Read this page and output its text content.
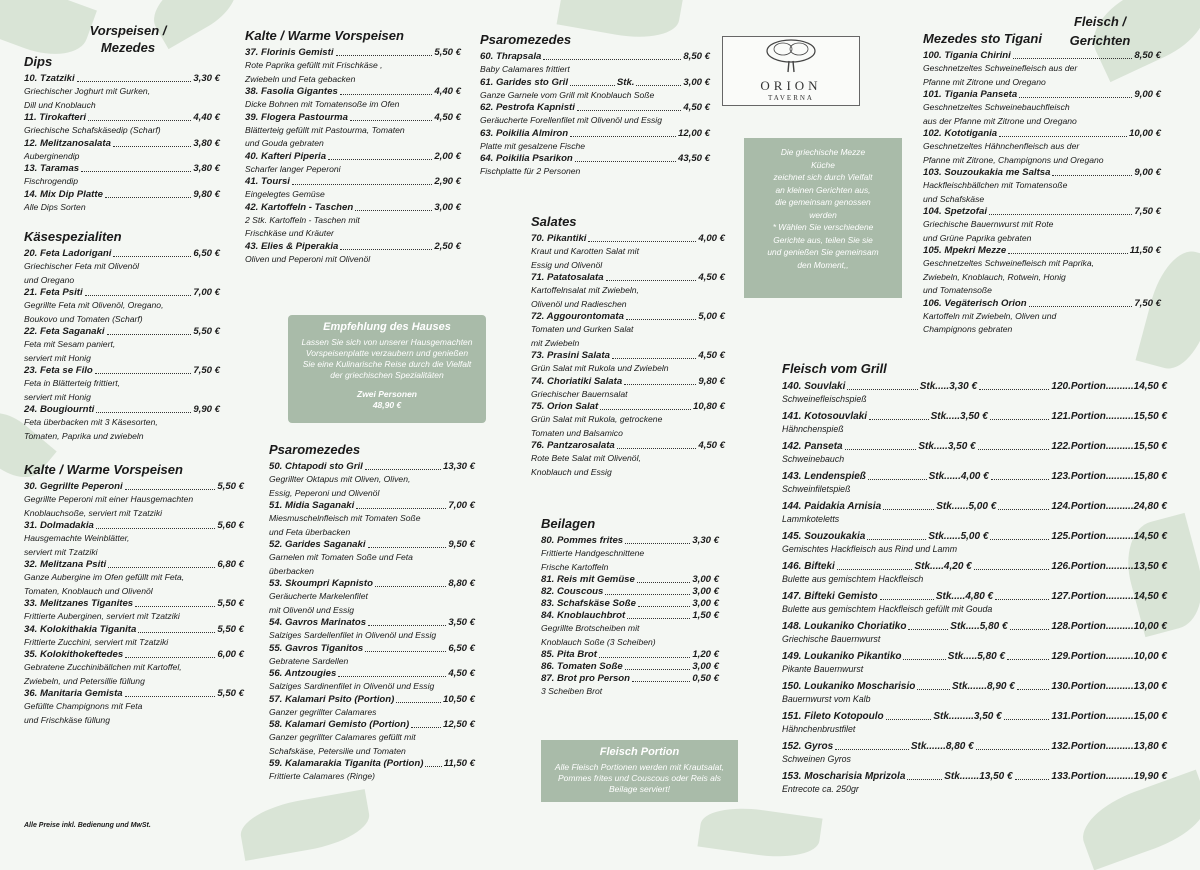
Vorspeisen /
Mezedes
Dips
10. Tzatziki	3,30 €
Griechischer Joghurt mit Gurken,
Dill und Knoblauch
11. Tirokafteri	4,40 €
Griechische Schafskäsedip (Scharf)
12. Melitzanosalata	3,80 €
Auberginendip
13. Taramas	3,80 €
Fischrogendip
14. Mix Dip Platte	9,80 €
Alle Dips Sorten
Käsespezialiten
20. Feta Ladorigani	6,50 €
Griechischer Feta mit Olivenöl
und Oregano
21. Feta Psiti	7,00 €
Gegrillte Feta mit Olivenöl, Oregano,
Boukovo und Tomaten (Scharf)
22. Feta Saganaki	5,50 €
Feta mit Sesam paniert,
serviert mit Honig
23. Feta se Filo	7,50 €
Feta in Blätterteig frittiert,
serviert mit Honig
24. Bougiournti	9,90 €
Feta überbacken mit 3 Käsesorten,
Tomaten, Paprika und zwiebeln
Kalte / Warme Vorspeisen
30. Gegrillte Peperoni	5,50 €
Gegrillte Peperoni mit einer Hausgemachten
Knoblauchsoße, serviert mit Tzatziki
31. Dolmadakia	5,60 €
Hausgemachte Weinblätter,
serviert mit Tzatziki
32. Melitzana Psiti	6,80 €
Ganze Aubergine im Ofen gefüllt mit Feta,
Tomaten, Knoblauch und Olivenöl
33. Melitzanes Tiganites	5,50 €
Frittierte Auberginen, serviert mit Tzatziki
34. Kolokithakia Tiganita	5,50 €
Frittierte Zucchini, serviert mit Tzatziki
35. Kolokithokeftedes	6,00 €
Gebratene Zucchinibällchen mit Kartoffel,
Zwiebeln, und Petersillie füllung
36. Manitaria Gemista	5,50 €
Gefüllte Champignons mit Feta
und Frischkäse füllung
Alle Preise inkl. Bedienung und MwSt.
Kalte / Warme Vorspeisen
37. Florinis Gemisti	5,50 €
Rote Paprika gefüllt mit Frischkäse ,
Zwiebeln und Feta gebacken
38. Fasolia Gigantes	4,40 €
Dicke Bohnen mit Tomatensoße im Ofen
39. Flogera Pastourma	4,50 €
Blätterteig gefüllt mit Pastourma, Tomaten
und Gouda gebraten
40. Kafteri Piperia	2,00 €
Scharfer langer Peperoni
41. Toursi	2,90 €
Eingelegtes Gemüse
42. Kartoffeln - Taschen	3,00 €
2 Stk. Kartoffeln - Taschen mit
Frischkäse und Kräuter
43. Elies & Piperakia	2,50 €
Oliven und Peperoni mit Olivenöl
Empfehlung des Hauses
Lassen Sie sich von unserer Hausgemachten
Vorspeisenplatte verzaubern und genießen
Sie eine Kulinarische Reise durch die Vielfalt
der griechischen Spezialitäten
Zwei Personen
48,90 €
Psaromezedes
50. Chtapodi sto Gril	13,30 €
Gegrillter Oktapus mit Oliven, Oliven,
Essig, Peperoni und Olivenöl
51. Midia Saganaki	7,00 €
Miesmuschelnfleisch mit Tomaten Soße
und Feta überbacken
52. Garides Saganaki	9,50 €
Garnelen mit Tomaten Soße und Feta
überbacken
53. Skoumpri Kapnisto	8,80 €
Geräucherte Markelenfilet
mit Olivenöl und Essig
54. Gavros Marinatos	3,50 €
Salziges Sardellenfilet in Olivenöl und Essig
55. Gavros Tiganitos	6,50 €
Gebratene Sardellen
56. Antzougies	4,50 €
Salziges Sardinenfilet in Olivenöl und Essig
57. Kalamari Psito (Portion)	10,50 €
Ganzer gegrillter Calamares
58. Kalamari Gemisto (Portion)	12,50 €
Ganzer gegrillter Calamares gefüllt mit
Schafskäse, Petersilie und Tomaten
59. Kalamarakia Tiganita (Portion) 11,50 €
Frittierte Calamares (Ringe)
Psaromezedes
60. Thrapsala	8,50 €
Baby Calamares frittiert
61. Garides sto Gril	Stk.	3,00 €
Ganze Garnele vom Grill mit Knoblauch Soße
62. Pestrofa Kapnisti	4,50 €
Geräucherte Forellenfilet mit Olivenöl und Essig
63. Poikilia Almiron	12,00 €
Platte mit gesalzene Fische
64. Poikilia Psarikon	43,50 €
Fischplatte für 2 Personen
Salates
70. Pikantiki	4,00 €
Kraut und Karotten Salat mit
Essig und Olivenöl
71. Patatosalata	4,50 €
Kartoffelnsalat mit Zwiebeln,
Olivenöl und Radieschen
72. Aggourontomata	5,00 €
Tomaten und Gurken Salat
mit Zwiebeln
73. Prasini Salata	4,50 €
Grün Salat mit Rukola und Zwiebeln
74. Choriatiki Salata	9,80 €
Griechischer Bauernsalat
75. Orion Salat	10,80 €
Grün Salat mit Rukola, getrockene
Tomaten und Balsamico
76. Pantzarosalata	4,50 €
Rote Bete Salat mit Olivenöl,
Knoblauch und Essig
Beilagen
80. Pommes frites	3,30 €
Frittierte Handgeschnittene
Frische Kartoffeln
81. Reis mit Gemüse	3,00 €
82. Couscous	3,00 €
83. Schafskäse Soße	3,00 €
84. Knoblauchbrot	1,50 €
Gegrillte Brotscheiben mit
Knoblauch Soße (3 Scheiben)
85. Pita Brot	1,20 €
86. Tomaten Soße	3,00 €
87. Brot pro Person	0,50 €
3 Scheiben Brot
Fleisch Portion
Alle Fleisch Portionen werden mit Krautsalat,
Pommes frites und Couscous oder Reis als
Beilage serviert!
ORION
TAVERNA
Die griechische Mezze
Küche
zeichnet sich durch Vielfalt
an kleinen Gerichten aus,
die gemeinsam genossen
werden
* Wählen Sie verschiedene
Gerichte aus, teilen Sie sie
und genießen Sie gemeinsam
den Moment,,
Fleisch /
Gerichten
Mezedes sto Tigani
100. Tigania Chirini	8,50 €
Geschnetzeltes Schweinefleisch aus der
Pfanne mit Zitrone und Oregano
101. Tigania Panseta	9,00 €
Geschnetzeltes Schweinebauchfleisch
aus der Pfanne mit Zitrone und Oregano
102. Kototigania	10,00 €
Geschnetzeltes Hähnchenfleisch aus der
Pfanne mit Zitrone, Champignons und Oregano
103. Souzoukakia me Saltsa	9,00 €
Hackfleischbällchen mit Tomatensoße
und Schafskäse
104. Spetzofai	7,50 €
Griechische Bauernwurst mit Rote
und Grüne Paprika gebraten
105. Mpekri Mezze	11,50 €
Geschnetzeltes Schweinefleisch mit Paprika,
Zwiebeln, Knoblauch, Rotwein, Honig
und Tomatensoße
106. Vegäterisch Orion	7,50 €
Kartoffeln mit Zwiebeln, Oliven und
Champignons gebraten
Fleisch vom Grill
140. Souvlaki	Stk.....3,30 €	120.Portion.......... 14,50 €
Schweinefleischspieß
141. Kotosouvlaki	Stk.....3,50 €	121.Portion.......... 15,50 €
Hähnchenspieß
142. Panseta	Stk.....3,50 €	122.Portion.......... 15,50 €
Schweinebauch
143. Lendenspieß	Stk......4,00 €	123.Portion.......... 15,80 €
Schweinfiletspieß
144. Paidakia Arnisia	Stk......5,00 €	124.Portion.......... 24,80 €
Lammkoteletts
145. Souzoukakia	Stk......5,00 €	125.Portion.......... 14,50 €
Gemischtes Hackfleisch aus Rind und Lamm
146. Bifteki	Stk.....4,20 €	126.Portion.......... 13,50 €
Bulette aus gemischtem Hackfleisch
147. Bifteki Gemisto	Stk.....4,80 €	127.Portion.......... 14,50 €
Bulette aus gemischtem Hackfleisch gefüllt mit Gouda
148. Loukaniko Choriatiko	Stk.....5,80 €	128.Portion.......... 10,00 €
Griechische Bauernwurst
149. Loukaniko Pikantiko	Stk.....5,80 €	129.Portion.......... 10,00 €
Pikante Bauernwurst
150. Loukaniko Moscharisio	Stk.......8,90 €	130.Portion.......... 13,00 €
Bauernwurst vom Kalb
151. Fileto Kotopoulo	Stk.........3,50 €	131.Portion.......... 15,00 €
Hähnchenbrustfilet
152. Gyros	Stk.......8,80 €	132.Portion.......... 13,80 €
Schweinen Gyros
153. Moscharisia Mprizola	Stk.......13,50 €	133.Portion.......... 19,90 €
Entrecote ca. 250gr
